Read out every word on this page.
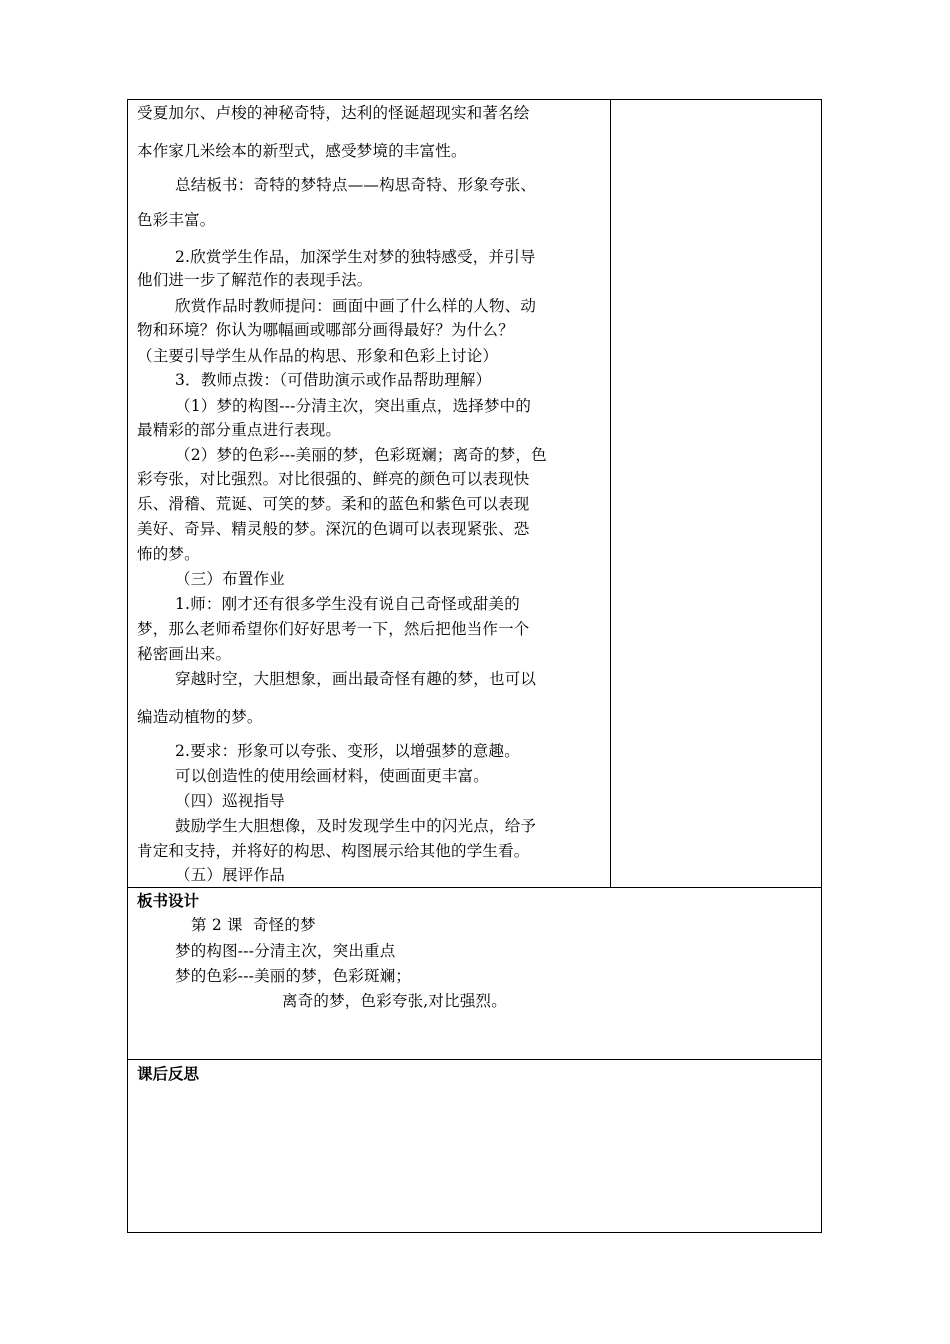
受夏加尔、卢梭的神秘奇特，达利的怪诞超现实和著名绘
本作家几米绘本的新型式，感受梦境的丰富性。
总结板书：奇特的梦特点——构思奇特、形象夸张、
色彩丰富。
2.欣赏学生作品，加深学生对梦的独特感受，并引导
他们进一步了解范作的表现手法。
欣赏作品时教师提问：画面中画了什么样的人物、动
物和环境？你认为哪幅画或哪部分画得最好？为什么？
（主要引导学生从作品的构思、形象和色彩上讨论）
3．教师点拨：（可借助演示或作品帮助理解）
（1）梦的构图---分清主次，突出重点，选择梦中的
最精彩的部分重点进行表现。
（2）梦的色彩---美丽的梦，色彩斑斓；离奇的梦，色
彩夸张，对比强烈。对比很强的、鲜亮的颜色可以表现快
乐、滑稽、荒诞、可笑的梦。柔和的蓝色和紫色可以表现
美好、奇异、精灵般的梦。深沉的色调可以表现紧张、恐
怖的梦。
（三）布置作业
1.师：刚才还有很多学生没有说自己奇怪或甜美的
梦，那么老师希望你们好好思考一下，然后把他当作一个
秘密画出来。
穿越时空，大胆想象，画出最奇怪有趣的梦，也可以
编造动植物的梦。
2.要求：形象可以夸张、变形，以增强梦的意趣。
可以创造性的使用绘画材料，使画面更丰富。
（四）巡视指导
鼓励学生大胆想像，及时发现学生中的闪光点，给予
肯定和支持，并将好的构思、构图展示给其他的学生看。
（五）展评作品
板书设计
第 2 课  奇怪的梦
梦的构图---分清主次，突出重点
梦的色彩---美丽的梦，色彩斑斓；
离奇的梦，色彩夸张,对比强烈。
课后反思
